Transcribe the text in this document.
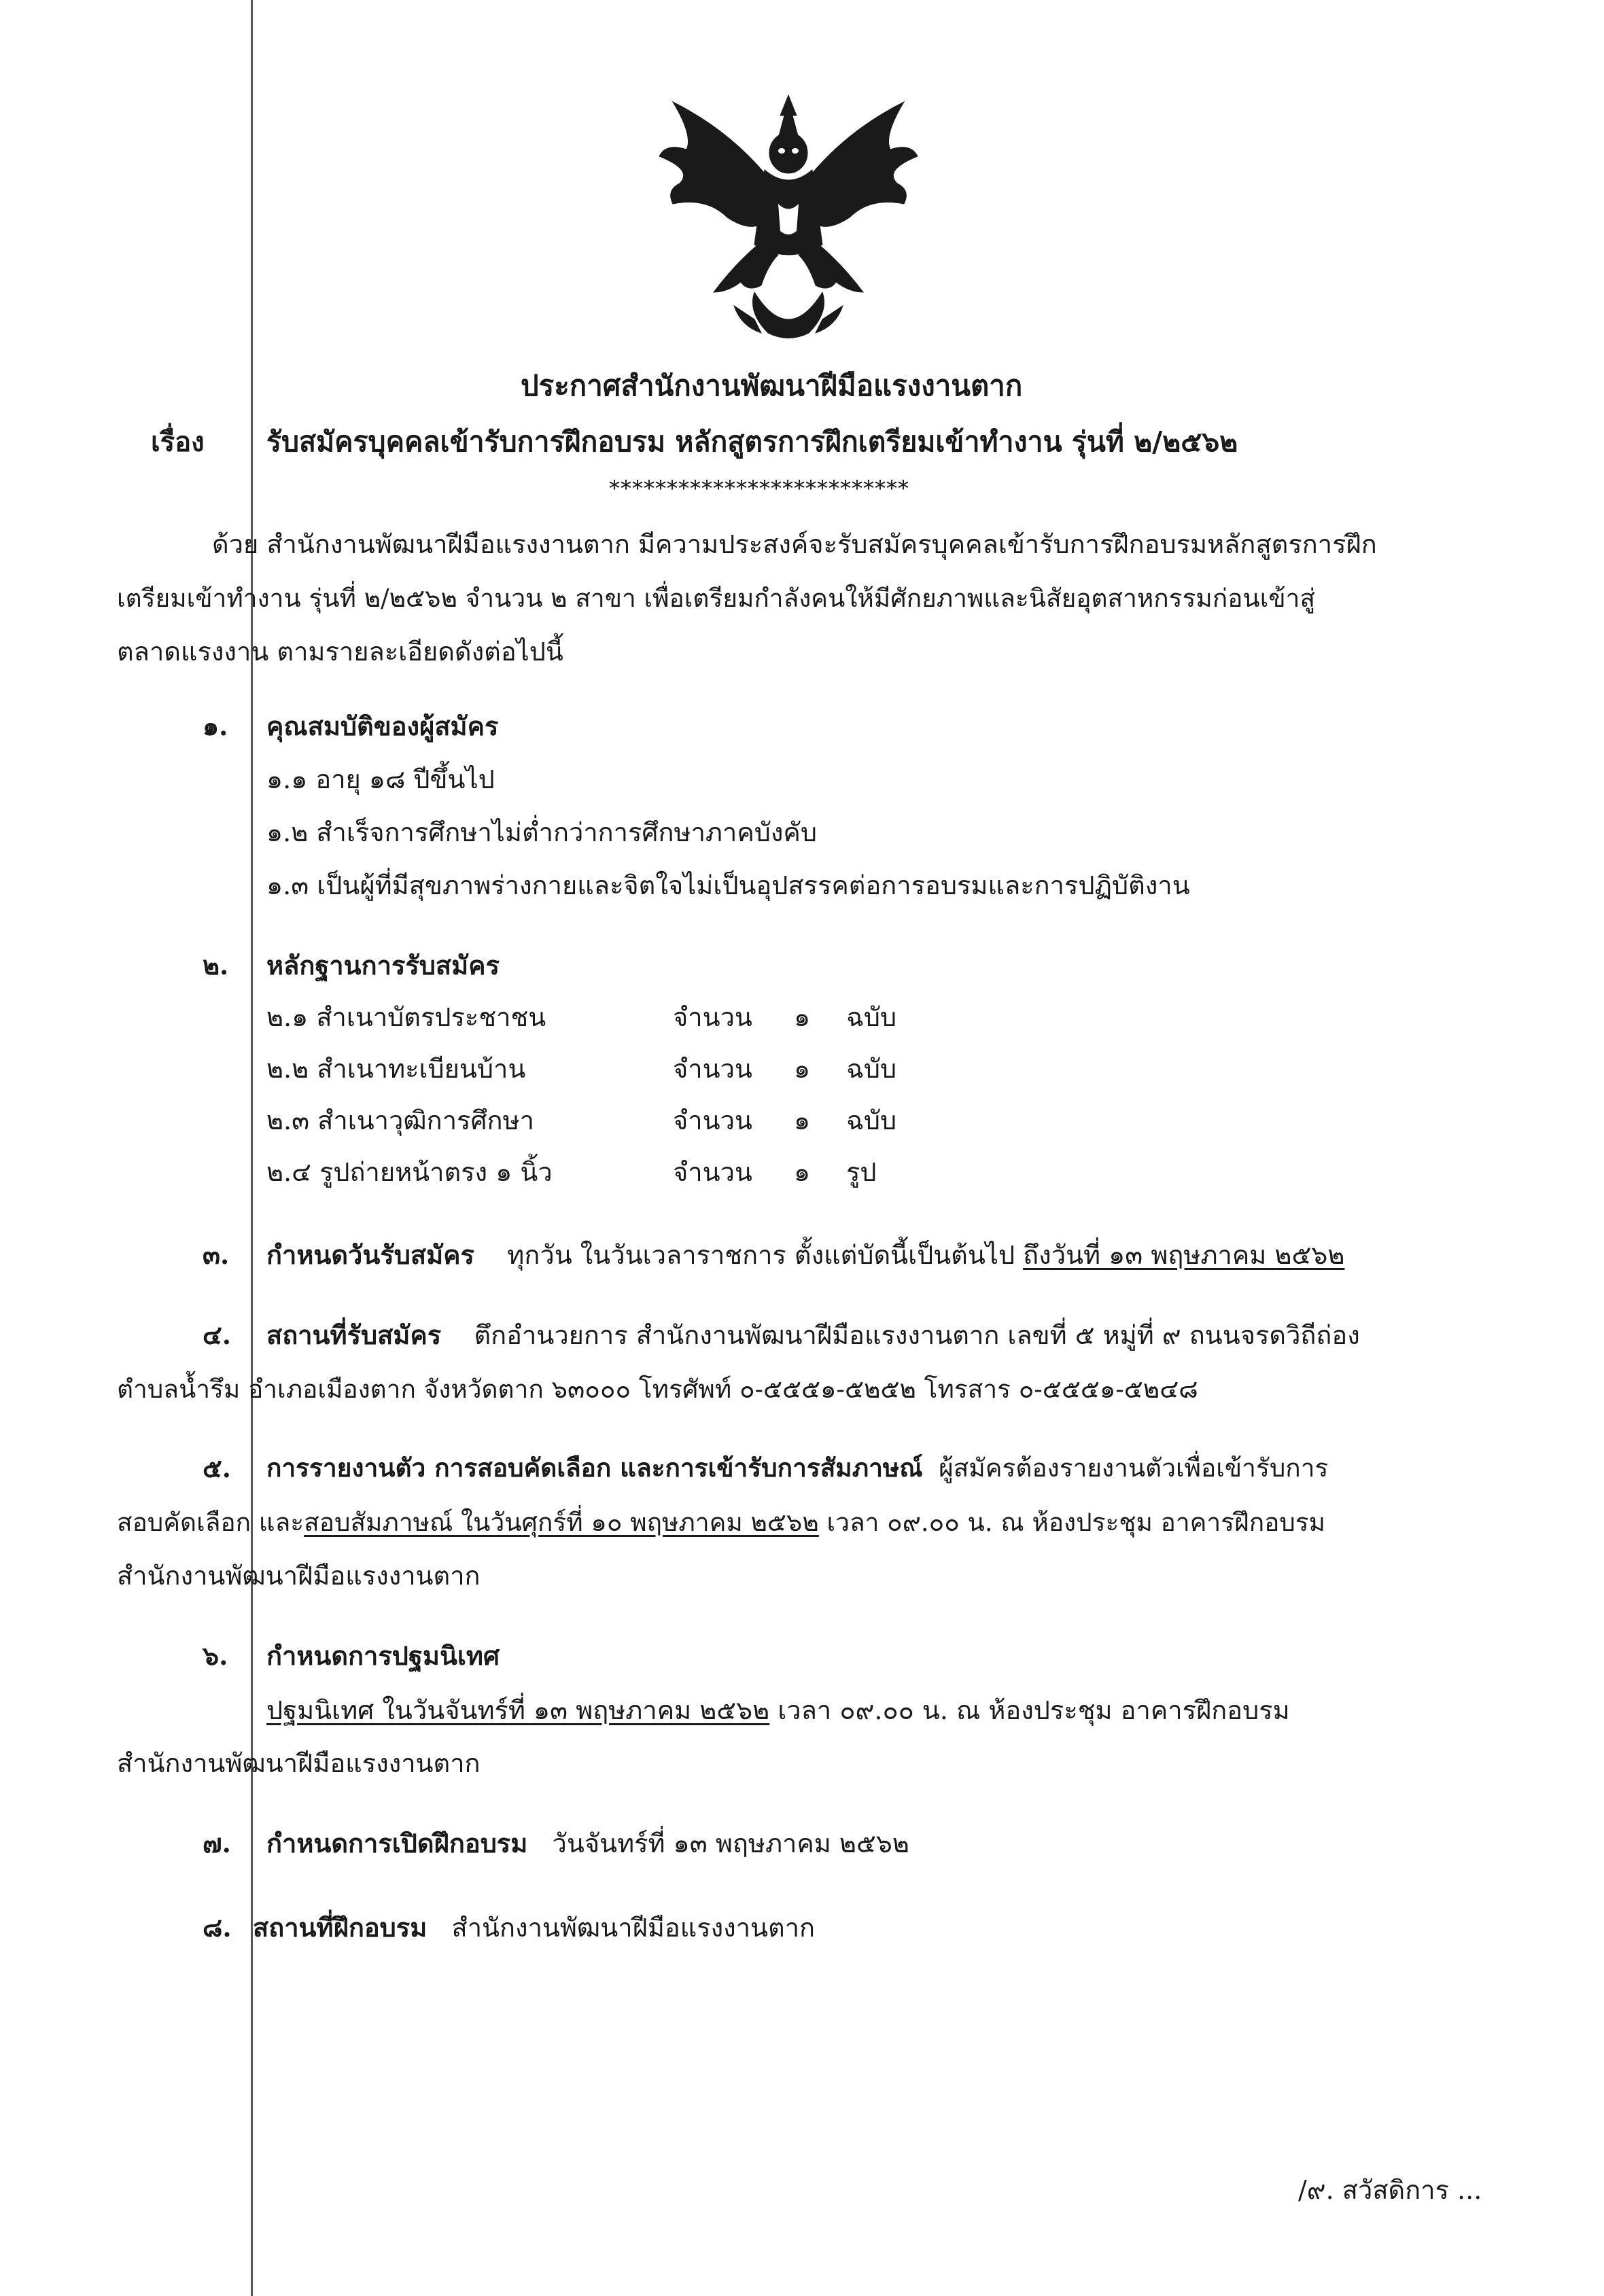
ประกาศสำนักงานพัฒนาฝีมือแรงงานตาก
เรื่อง รับสมัครบุคคลเข้ารับการฝึกอบรม หลักสูตรการฝึกเตรียมเข้าทำงาน รุ่นที่ ๒/๒๕๖๒
**************************
ด้วย สำนักงานพัฒนาฝีมือแรงงานตาก มีความประสงค์จะรับสมัครบุคคลเข้ารับการฝึกอบรมหลักสูตรการฝึก
เตรียมเข้าทำงาน รุ่นที่ ๒/๒๕๖๒ จำนวน ๒ สาขา เพื่อเตรียมกำลังคนให้มีศักยภาพและนิสัยอุตสาหกรรมก่อนเข้าสู่
ตลาดแรงงาน ตามรายละเอียดดังต่อไปนี้
๑. คุณสมบัติของผู้สมัคร
๑.๑ อายุ ๑๘ ปีขึ้นไป
๑.๒ สำเร็จการศึกษาไม่ต่ำกว่าการศึกษาภาคบังคับ
๑.๓ เป็นผู้ที่มีสุขภาพร่างกายและจิตใจไม่เป็นอุปสรรคต่อการอบรมและการปฏิบัติงาน
๒. หลักฐานการรับสมัคร
๒.๑ สำเนาบัตรประชาชน	จำนวน ๑ ฉบับ
๒.๒ สำเนาทะเบียนบ้าน	จำนวน ๑ ฉบับ
๒.๓ สำเนาวุฒิการศึกษา	จำนวน ๑ ฉบับ
๒.๔ รูปถ่ายหน้าตรง ๑ นิ้ว	จำนวน ๑ รูป
๓. กำหนดวันรับสมัคร ทุกวัน ในวันเวลาราชการ ตั้งแต่บัดนี้เป็นต้นไป ถึงวันที่ ๑๓ พฤษภาคม ๒๕๖๒
๔. สถานที่รับสมัคร ตึกอำนวยการ สำนักงานพัฒนาฝีมือแรงงานตาก เลขที่ ๕ หมู่ที่ ๙ ถนนจรดวิถีถ่อง
ตำบลน้ำรึม อำเภอเมืองตาก จังหวัดตาก ๖๓๐๐๐ โทรศัพท์ ๐-๕๕๕๑-๕๒๕๒ โทรสาร ๐-๕๕๕๑-๕๒๔๘
๕. การรายงานตัว การสอบคัดเลือก และการเข้ารับการสัมภาษณ์ ผู้สมัครต้องรายงานตัวเพื่อเข้ารับการ
สอบคัดเลือก และสอบสัมภาษณ์ ในวันศุกร์ที่ ๑๐ พฤษภาคม ๒๕๖๒ เวลา ๐๙.๐๐ น. ณ ห้องประชุม อาคารฝึกอบรม
สำนักงานพัฒนาฝีมือแรงงานตาก
๖. กำหนดการปฐมนิเทศ
ปฐมนิเทศ ในวันจันทร์ที่ ๑๓ พฤษภาคม ๒๕๖๒ เวลา ๐๙.๐๐ น. ณ ห้องประชุม อาคารฝึกอบรม
สำนักงานพัฒนาฝีมือแรงงานตาก
๗. กำหนดการเปิดฝึกอบรม วันจันทร์ที่ ๑๓ พฤษภาคม ๒๕๖๒
๘. สถานที่ฝึกอบรม สำนักงานพัฒนาฝีมือแรงงานตาก
/๙. สวัสดิการ ...
